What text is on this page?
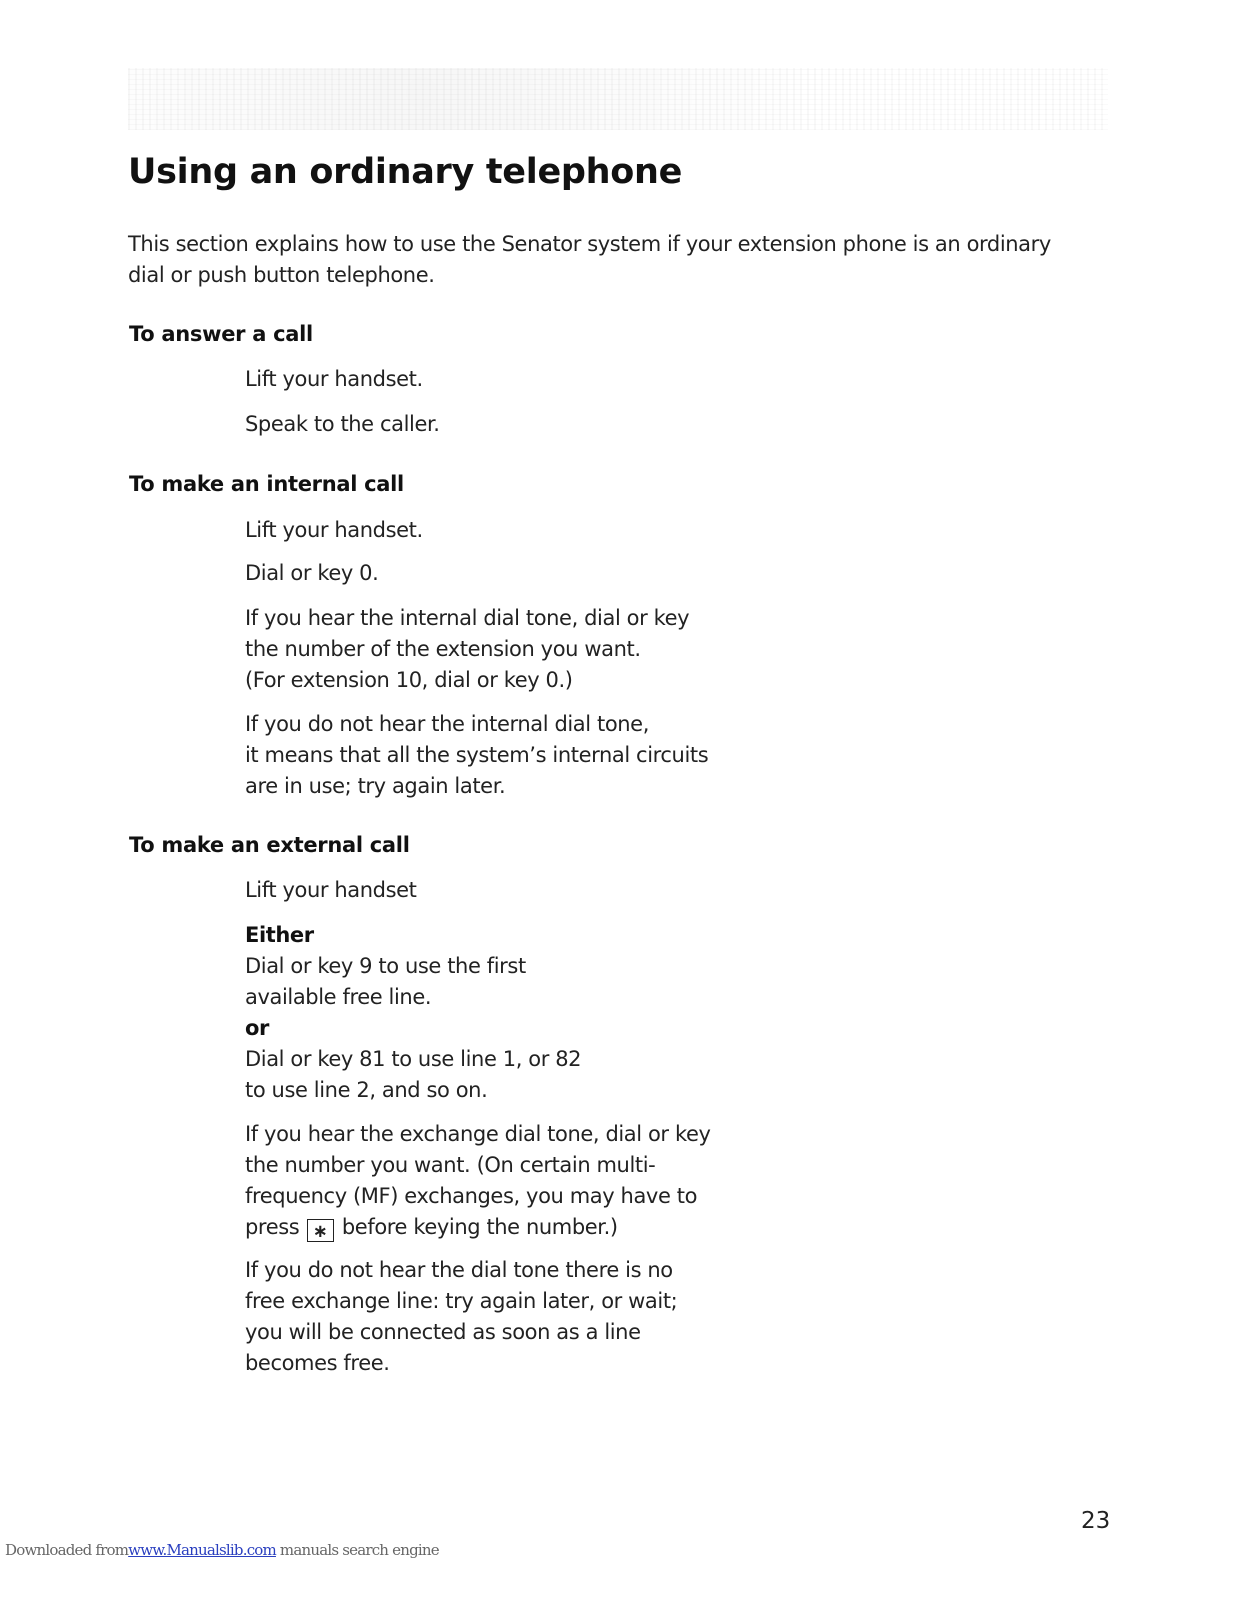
Using an ordinary telephone

This section explains how to use the Senator system if your extension phone is an ordinary dial or push button telephone.

To answer a call

Lift your handset.

Speak to the caller.

To make an internal call

Lift your handset.

Dial or key 0.

If you hear the internal dial tone, dial or key
the number of the extension you want.
(For extension 10, dial or key 0.)

If you do not hear the internal dial tone,
it means that all the system’s internal circuits
are in use; try again later.

To make an external call

Lift your handset

Either
Dial or key 9 to use the first
available free line.
or
Dial or key 81 to use line 1, or 82
to use line 2, and so on.

If you hear the exchange dial tone, dial or key
the number you want. (On certain multi-
frequency (MF) exchanges, you may have to
press ∗ before keying the number.)

If you do not hear the dial tone there is no
free exchange line: try again later, or wait;
you will be connected as soon as a line
becomes free.

23

Downloaded fromwww.Manualslib.com manuals search engine
